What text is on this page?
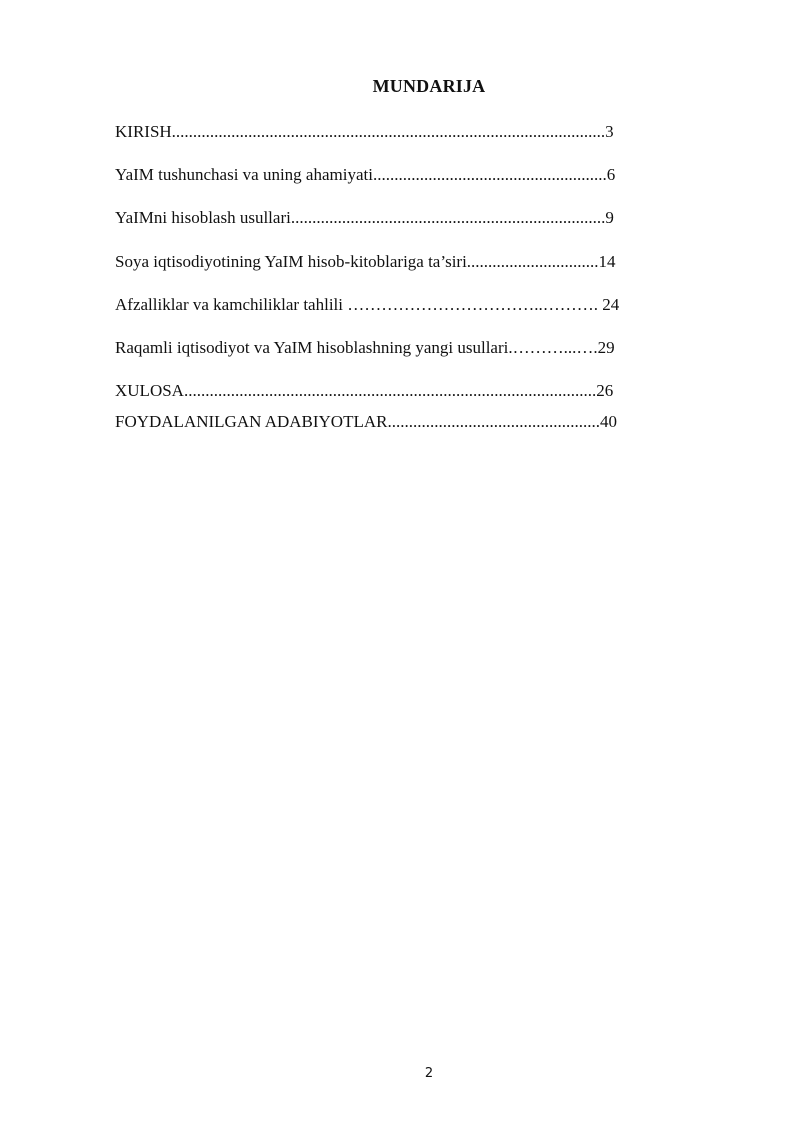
MUNDARIJA
KIRISH......................................................................................................3
YaIM tushunchasi va uning ahamiyati.......................................................6
YaIMni hisoblash usullari..........................................................................9
Soya iqtisodiyotining YaIM hisob-kitoblariga ta’siri...............................14
Afzalliklar va kamchiliklar tahlili ……………………………..………. 24
Raqamli iqtisodiyot va YaIM hisoblashning yangi usullari.………...….29
XULOSA.................................................................................................26
FOYDALANILGAN ADABIYOTLAR..................................................40
2
